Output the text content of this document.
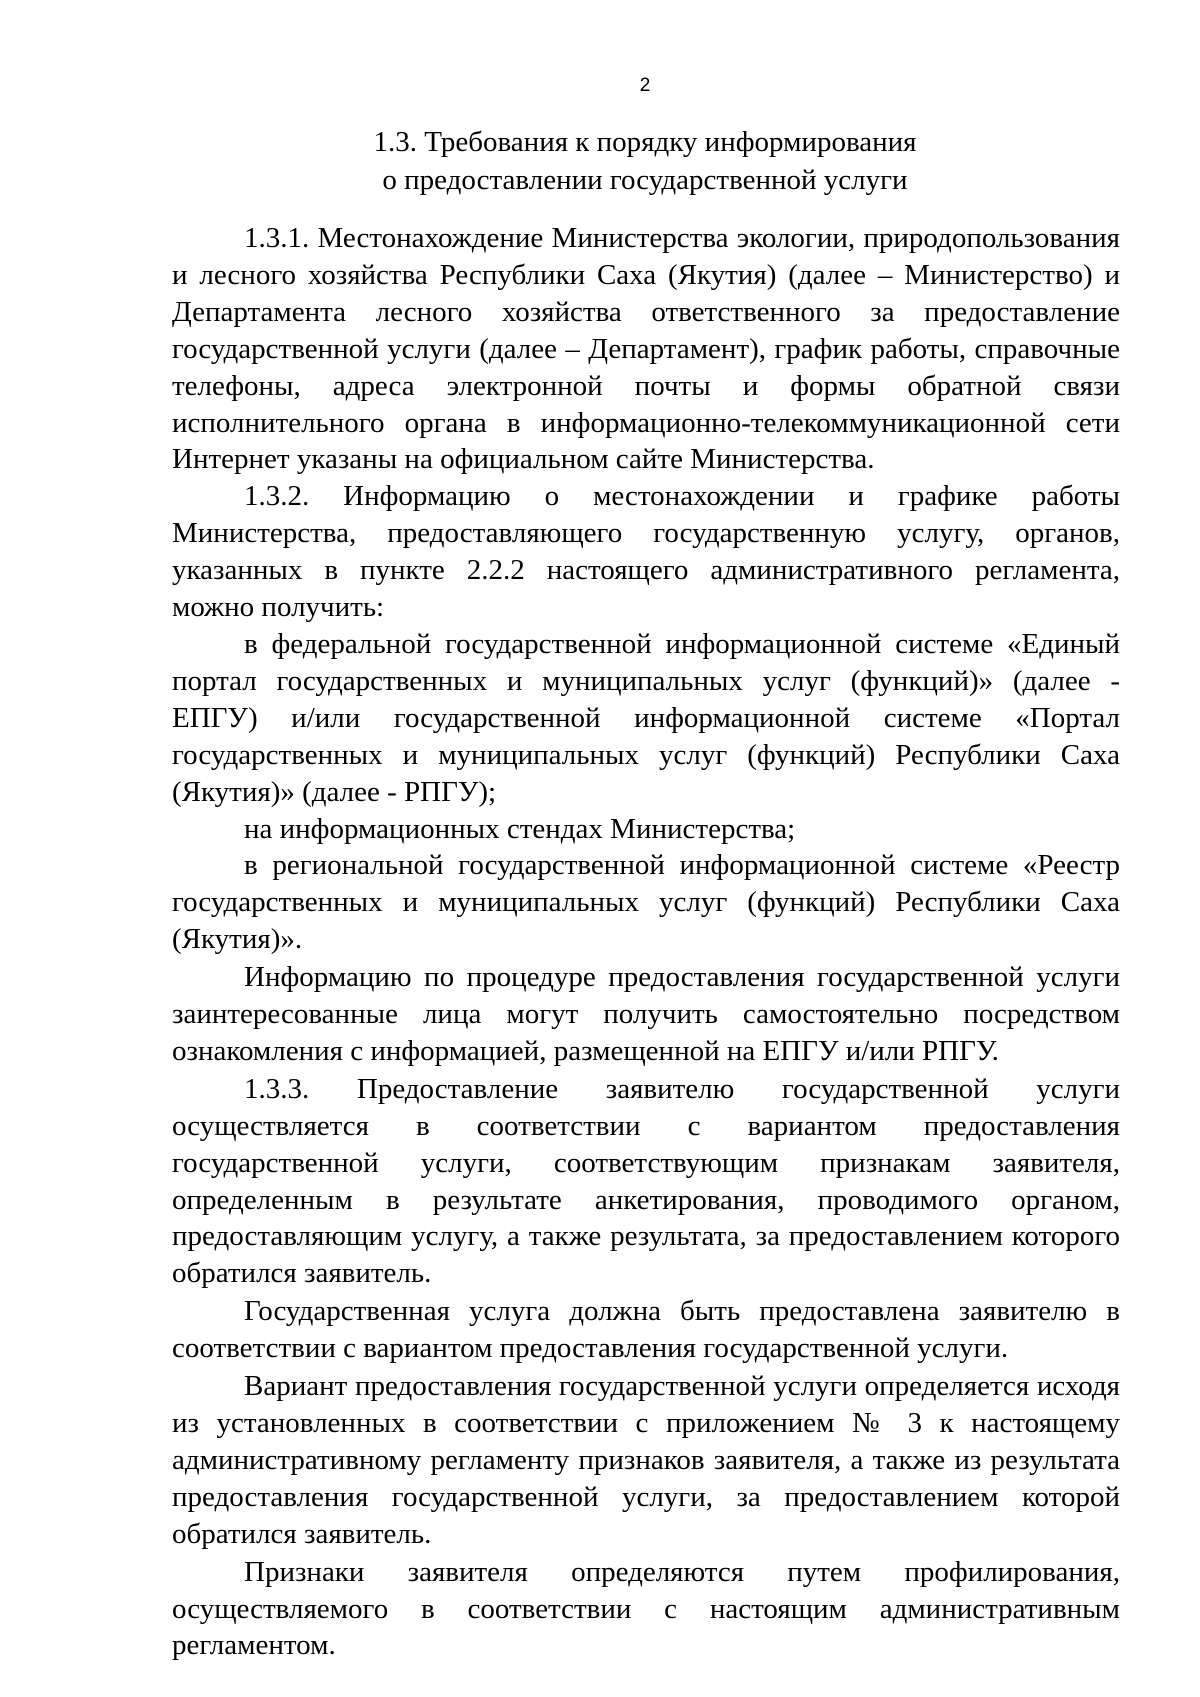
2
1.3. Требования к порядку информирования
о предоставлении государственной услуги

1.3.1. Местонахождение Министерства экологии, природопользования и лесного хозяйства Республики Саха (Якутия) (далее – Министерство) и Департамента лесного хозяйства ответственного за предоставление государственной услуги (далее – Департамент), график работы, справочные телефоны, адреса электронной почты и формы обратной связи исполнительного органа в информационно-телекоммуникационной сети Интернет указаны на официальном сайте Министерства.

1.3.2. Информацию о местонахождении и графике работы Министерства, предоставляющего государственную услугу, органов, указанных в пункте 2.2.2 настоящего административного регламента, можно получить:

в федеральной государственной информационной системе «Единый портал государственных и муниципальных услуг (функций)» (далее - ЕПГУ) и/или государственной информационной системе «Портал государственных и муниципальных услуг (функций) Республики Саха (Якутия)» (далее - РПГУ);

на информационных стендах Министерства;

в региональной государственной информационной системе «Реестр государственных и муниципальных услуг (функций) Республики Саха (Якутия)».

Информацию по процедуре предоставления государственной услуги заинтересованные лица могут получить самостоятельно посредством ознакомления с информацией, размещенной на ЕПГУ и/или РПГУ.

1.3.3. Предоставление заявителю государственной услуги осуществляется в соответствии с вариантом предоставления государственной услуги, соответствующим признакам заявителя, определенным в результате анкетирования, проводимого органом, предоставляющим услугу, а также результата, за предоставлением которого обратился заявитель.

Государственная услуга должна быть предоставлена заявителю в соответствии с вариантом предоставления государственной услуги.

Вариант предоставления государственной услуги определяется исходя из установленных в соответствии с приложением № 3 к настоящему административному регламенту признаков заявителя, а также из результата предоставления государственной услуги, за предоставлением которой обратился заявитель.

Признаки заявителя определяются путем профилирования, осуществляемого в соответствии с настоящим административным регламентом.
